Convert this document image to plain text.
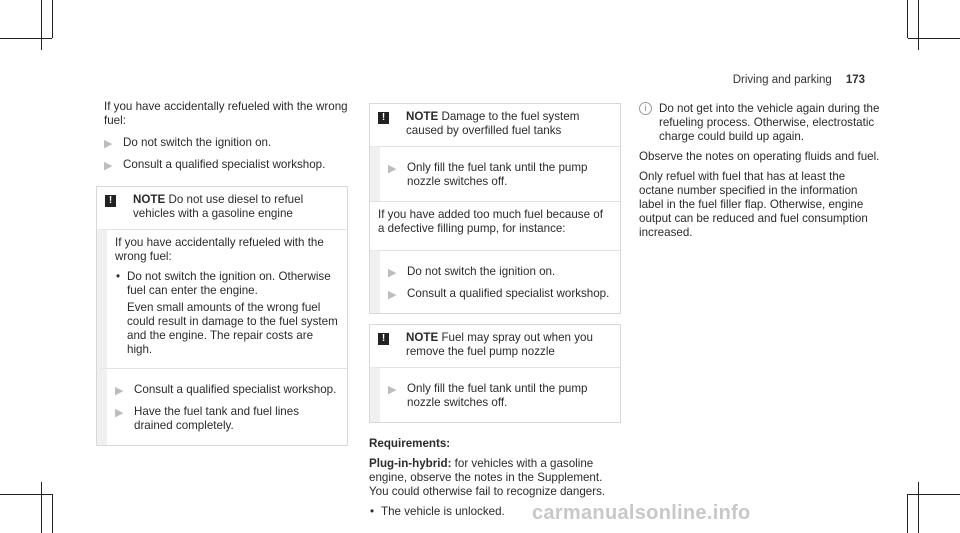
Driving and parking 173

If you have accidentally refueled with the wrong fuel:

▶ Do not switch the ignition on.
▶ Consult a qualified specialist workshop.
!	NOTE Do not use diesel to refuel vehicles with a gasoline engine

If you have accidentally refueled with the wrong fuel:

• Do not switch the ignition on. Otherwise fuel can enter the engine.

Even small amounts of the wrong fuel could result in damage to the fuel system and the engine. The repair costs are high.

▶ Consult a qualified specialist workshop.
▶ Have the fuel tank and fuel lines drained completely.
!	NOTE Damage to the fuel system caused by overfilled fuel tanks
▶ Only fill the fuel tank until the pump nozzle switches off.

If you have added too much fuel because of a defective filling pump, for instance:

▶ Do not switch the ignition on.
▶ Consult a qualified specialist workshop.
!	NOTE Fuel may spray out when you remove the fuel pump nozzle
▶ Only fill the fuel tank until the pump nozzle switches off.
Requirements:

Plug-in-hybrid: for vehicles with a gasoline engine, observe the notes in the Supplement. You could otherwise fail to recognize dangers.

• The vehicle is unlocked.
i	Do not get into the vehicle again during the refueling process. Otherwise, electrostatic charge could build up again.

Observe the notes on operating fluids and fuel.

Only refuel with fuel that has at least the octane number specified in the information label in the fuel filler flap. Otherwise, engine output can be reduced and fuel consumption increased.

carmanualsonline.info
